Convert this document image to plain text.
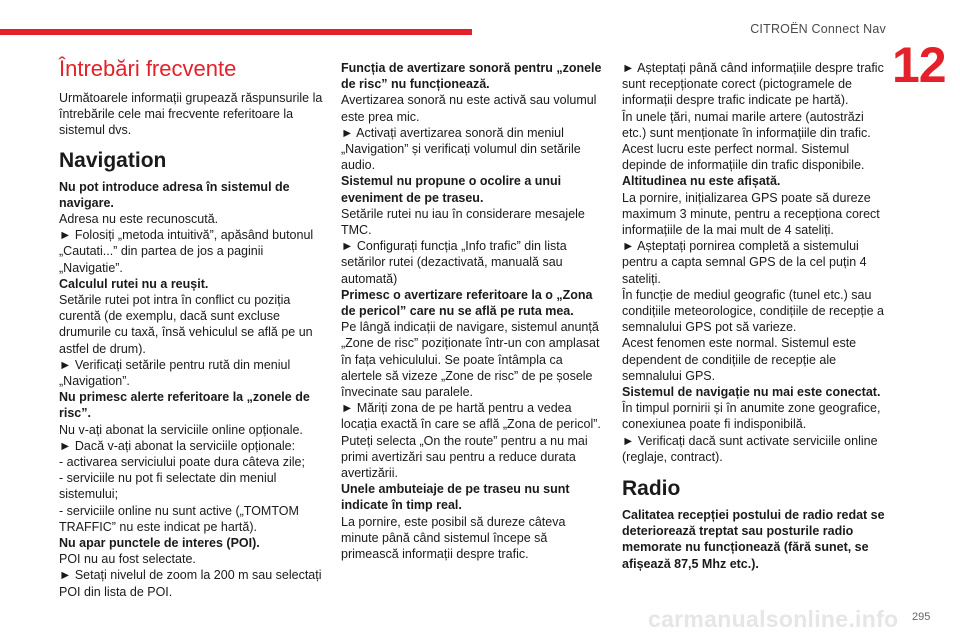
CITROËN Connect Nav
12
Întrebări frecvente

Următoarele informații grupează răspunsurile la întrebările cele mai frecvente referitoare la sistemul dvs.

Navigation

Nu pot introduce adresa în sistemul de navigare.

Adresa nu este recunoscută.

► Folosiți „metoda intuitivă”, apăsând butonul „Cautati...” din partea de jos a paginii „Navigatie”.

Calculul rutei nu a reușit.

Setările rutei pot intra în conflict cu poziția curentă (de exemplu, dacă sunt excluse drumurile cu taxă, însă vehiculul se află pe un astfel de drum).

► Verificați setările pentru rută din meniul „Navigation”.

Nu primesc alerte referitoare la „zonele de risc”.

Nu v-ați abonat la serviciile online opționale.

► Dacă v-ați abonat la serviciile opționale:

- activarea serviciului poate dura câteva zile;

- serviciile nu pot fi selectate din meniul sistemului;

- serviciile online nu sunt active („TOMTOM TRAFFIC” nu este indicat pe hartă).

Nu apar punctele de interes (POI).

POI nu au fost selectate.

► Setați nivelul de zoom la 200 m sau selectați POI din lista de POI.

Funcția de avertizare sonoră pentru „zonele de risc” nu funcționează.

Avertizarea sonoră nu este activă sau volumul este prea mic.

► Activați avertizarea sonoră din meniul „Navigation” și verificați volumul din setările audio.

Sistemul nu propune o ocolire a unui eveniment de pe traseu.

Setările rutei nu iau în considerare mesajele TMC.

► Configurați funcția „Info trafic” din lista setărilor rutei (dezactivată, manuală sau automată)

Primesc o avertizare referitoare la o „Zona de pericol” care nu se află pe ruta mea.

Pe lângă indicații de navigare, sistemul anunță „Zone de risc” poziționate într-un con amplasat în fața vehiculului. Se poate întâmpla ca alertele să vizeze „Zone de risc” de pe șosele învecinate sau paralele.

► Măriți zona de pe hartă pentru a vedea locația exactă în care se află „Zona de pericol”. Puteți selecta „On the route” pentru a nu mai primi avertizări sau pentru a reduce durata avertizării.

Unele ambuteiaje de pe traseu nu sunt indicate în timp real.

La pornire, este posibil să dureze câteva minute până când sistemul începe să primească informații despre trafic.

► Așteptați până când informațiile despre trafic sunt recepționate corect (pictogramele de informații despre trafic indicate pe hartă).

În unele țări, numai marile artere (autostrăzi etc.) sunt menționate în informațiile din trafic.

Acest lucru este perfect normal. Sistemul depinde de informațiile din trafic disponibile.

Altitudinea nu este afișată.

La pornire, inițializarea GPS poate să dureze maximum 3 minute, pentru a recepționa corect informațiile de la mai mult de 4 sateliți.

► Așteptați pornirea completă a sistemului pentru a capta semnal GPS de la cel puțin 4 sateliți.

În funcție de mediul geografic (tunel etc.) sau condițiile meteorologice, condițiile de recepție a semnalului GPS pot să varieze.

Acest fenomen este normal. Sistemul este dependent de condițiile de recepție ale semnalului GPS.

Sistemul de navigație nu mai este conectat.

În timpul pornirii și în anumite zone geografice, conexiunea poate fi indisponibilă.

► Verificați dacă sunt activate serviciile online (reglaje, contract).

Radio

Calitatea recepției postului de radio redat se deteriorează treptat sau posturile radio memorate nu funcționează (fără sunet, se afișează 87,5 Mhz etc.).

carmanualsonline.info 295
